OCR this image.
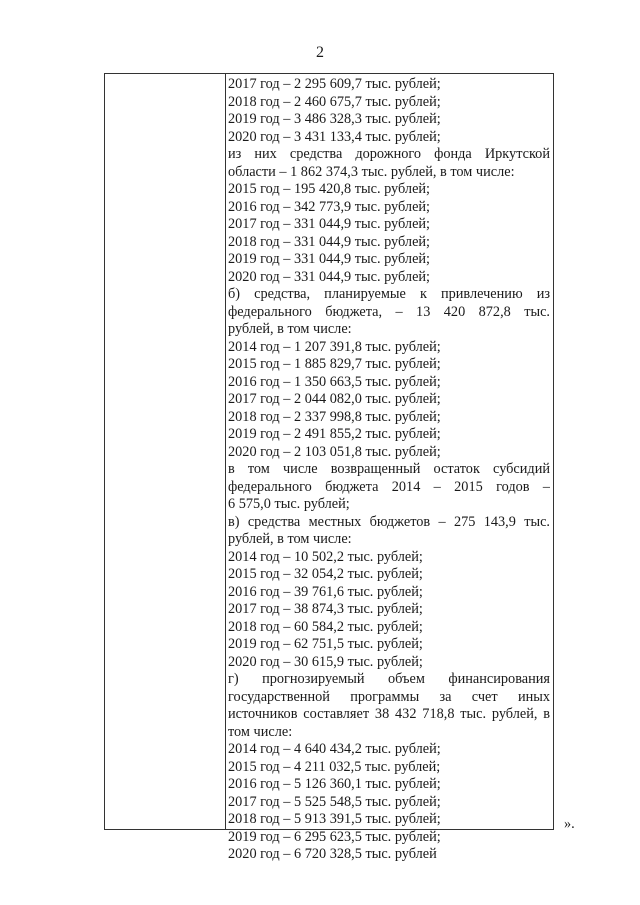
2
2017 год – 2 295 609,7 тыс. рублей;
2018 год – 2 460 675,7 тыс. рублей;
2019 год – 3 486 328,3 тыс. рублей;
2020 год – 3 431 133,4 тыс. рублей;
из них средства дорожного фонда Иркутской
области – 1 862 374,3 тыс. рублей, в том числе:
2015 год – 195 420,8 тыс. рублей;
2016 год – 342 773,9 тыс. рублей;
2017 год – 331 044,9 тыс. рублей;
2018 год – 331 044,9 тыс. рублей;
2019 год – 331 044,9 тыс. рублей;
2020 год – 331 044,9 тыс. рублей;
б) средства, планируемые к привлечению из
федерального бюджета, – 13 420 872,8 тыс.
рублей, в том числе:
2014 год – 1 207 391,8 тыс. рублей;
2015 год – 1 885 829,7 тыс. рублей;
2016 год – 1 350 663,5 тыс. рублей;
2017 год – 2 044 082,0 тыс. рублей;
2018 год – 2 337 998,8 тыс. рублей;
2019 год – 2 491 855,2 тыс. рублей;
2020 год – 2 103 051,8 тыс. рублей;
в том числе возвращенный остаток субсидий
федерального бюджета 2014 – 2015 годов –
6 575,0 тыс. рублей;
в) средства местных бюджетов – 275 143,9 тыс.
рублей, в том числе:
2014 год – 10 502,2 тыс. рублей;
2015 год – 32 054,2 тыс. рублей;
2016 год – 39 761,6 тыс. рублей;
2017 год – 38 874,3 тыс. рублей;
2018 год – 60 584,2 тыс. рублей;
2019 год – 62 751,5 тыс. рублей;
2020 год – 30 615,9 тыс. рублей;
г) прогнозируемый объем финансирования
государственной программы за счет иных
источников составляет 38 432 718,8 тыс. рублей, в
том числе:
2014 год – 4 640 434,2 тыс. рублей;
2015 год – 4 211 032,5 тыс. рублей;
2016 год – 5 126 360,1 тыс. рублей;
2017 год – 5 525 548,5 тыс. рублей;
2018 год – 5 913 391,5 тыс. рублей;
2019 год – 6 295 623,5 тыс. рублей;
2020 год – 6 720 328,5 тыс. рублей
».
